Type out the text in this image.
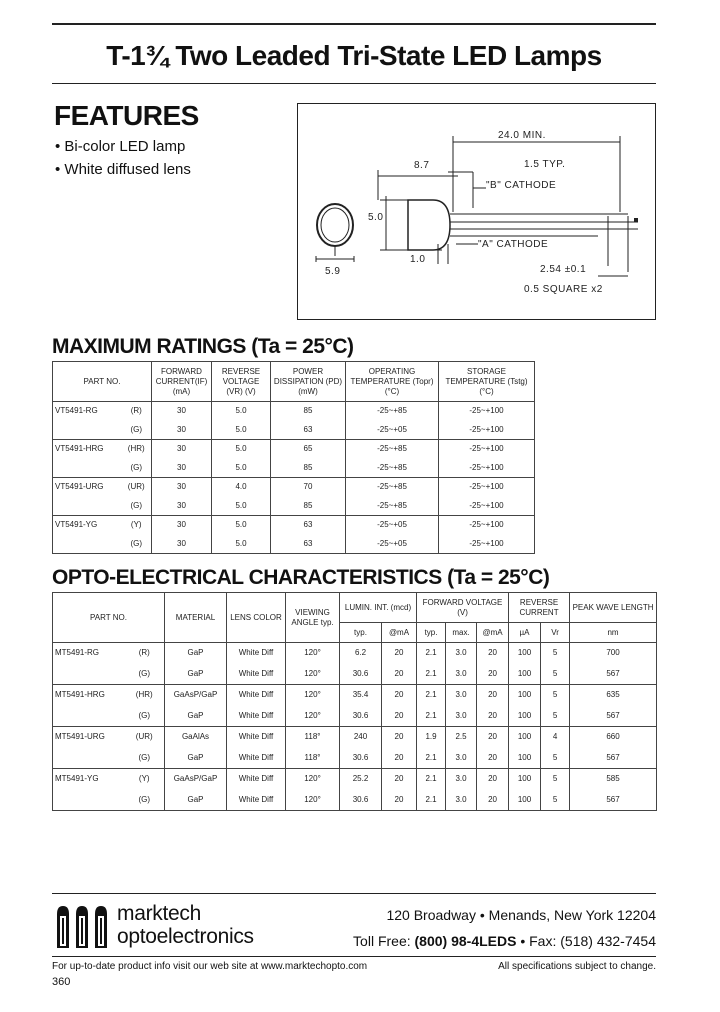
T-1¾ Two Leaded Tri-State LED Lamps
FEATURES
• Bi-color LED lamp
• White diffused lens
24.0 MIN.
8.7	1.5 TYP.
"B" CATHODE
5.0
1.0
"A" CATHODE
5.9	2.54 ±0.1
0.5 SQUARE x2
MAXIMUM RATINGS (Ta = 25°C)
PART NO.		FORWARD CURRENT(IF) (mA)	REVERSE VOLTAGE (VR) (V)	POWER DISSIPATION (PD) (mW)	OPERATING TEMPERATURE (Topr) (°C)	STORAGE TEMPERATURE (Tstg) (°C)
VT5491-RG	(R)	30	5.0	85	-25~+85	-25~+100
	(G)	30	5.0	63	-25~+05	-25~+100
VT5491-HRG	(HR)	30	5.0	65	-25~+85	-25~+100
	(G)	30	5.0	85	-25~+85	-25~+100
VT5491-URG	(UR)	30	4.0	70	-25~+85	-25~+100
	(G)	30	5.0	85	-25~+85	-25~+100
VT5491-YG	(Y)	30	5.0	63	-25~+05	-25~+100
	(G)	30	5.0	63	-25~+05	-25~+100
OPTO-ELECTRICAL CHARACTERISTICS (Ta = 25°C)
PART NO.		MATERIAL	LENS COLOR	VIEWING ANGLE typ.	LUMIN. INT. (mcd)		FORWARD VOLTAGE (V)			REVERSE CURRENT		PEAK WAVE LENGTH
					typ.	@mA	typ.	max.	@mA	µA	Vr	nm
MT5491-RG	(R)	GaP	White Diff	120°	6.2	20	2.1	3.0	20	100	5	700
	(G)	GaP	White Diff	120°	30.6	20	2.1	3.0	20	100	5	567
MT5491-HRG	(HR)	GaAsP/GaP	White Diff	120°	35.4	20	2.1	3.0	20	100	5	635
	(G)	GaP	White Diff	120°	30.6	20	2.1	3.0	20	100	5	567
MT5491-URG	(UR)	GaAlAs	White Diff	118°	240	20	1.9	2.5	20	100	4	660
	(G)	GaP	White Diff	118°	30.6	20	2.1	3.0	20	100	5	567
MT5491-YG	(Y)	GaAsP/GaP	White Diff	120°	25.2	20	2.1	3.0	20	100	5	585
	(G)	GaP	White Diff	120°	30.6	20	2.1	3.0	20	100	5	567
marktech
optoelectronics
120 Broadway • Menands, New York 12204
Toll Free: (800) 98-4LEDS • Fax: (518) 432-7454
For up-to-date product info visit our web site at www.marktechopto.com	All specifications subject to change.
360
